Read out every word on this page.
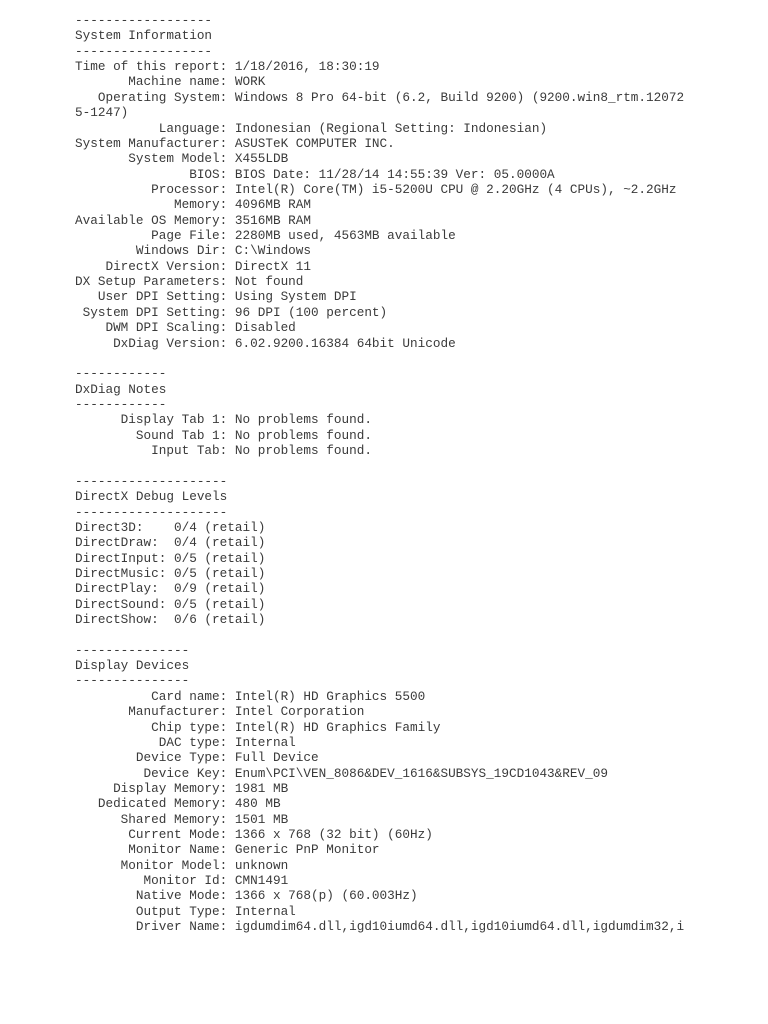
------------------
System Information
------------------
Time of this report: 1/18/2016, 18:30:19
Machine name: WORK
Operating System: Windows 8 Pro 64-bit (6.2, Build 9200) (9200.win8_rtm.12072
5-1247)
Language: Indonesian (Regional Setting: Indonesian)
System Manufacturer: ASUSTeK COMPUTER INC.
System Model: X455LDB
BIOS: BIOS Date: 11/28/14 14:55:39 Ver: 05.0000A
Processor: Intel(R) Core(TM) i5-5200U CPU @ 2.20GHz (4 CPUs), ~2.2GHz
Memory: 4096MB RAM
Available OS Memory: 3516MB RAM
Page File: 2280MB used, 4563MB available
Windows Dir: C:\Windows
DirectX Version: DirectX 11
DX Setup Parameters: Not found
User DPI Setting: Using System DPI
System DPI Setting: 96 DPI (100 percent)
DWM DPI Scaling: Disabled
DxDiag Version: 6.02.9200.16384 64bit Unicode
------------
DxDiag Notes
------------
Display Tab 1: No problems found.
Sound Tab 1: No problems found.
Input Tab: No problems found.
--------------------
DirectX Debug Levels
--------------------
Direct3D:    0/4 (retail)
DirectDraw:  0/4 (retail)
DirectInput: 0/5 (retail)
DirectMusic: 0/5 (retail)
DirectPlay:  0/9 (retail)
DirectSound: 0/5 (retail)
DirectShow:  0/6 (retail)
---------------
Display Devices
---------------
Card name: Intel(R) HD Graphics 5500
Manufacturer: Intel Corporation
Chip type: Intel(R) HD Graphics Family
DAC type: Internal
Device Type: Full Device
Device Key: Enum\PCI\VEN_8086&DEV_1616&SUBSYS_19CD1043&REV_09
Display Memory: 1981 MB
Dedicated Memory: 480 MB
Shared Memory: 1501 MB
Current Mode: 1366 x 768 (32 bit) (60Hz)
Monitor Name: Generic PnP Monitor
Monitor Model: unknown
Monitor Id: CMN1491
Native Mode: 1366 x 768(p) (60.003Hz)
Output Type: Internal
Driver Name: igdumdim64.dll,igd10iumd64.dll,igd10iumd64.dll,igdumdim32,i
